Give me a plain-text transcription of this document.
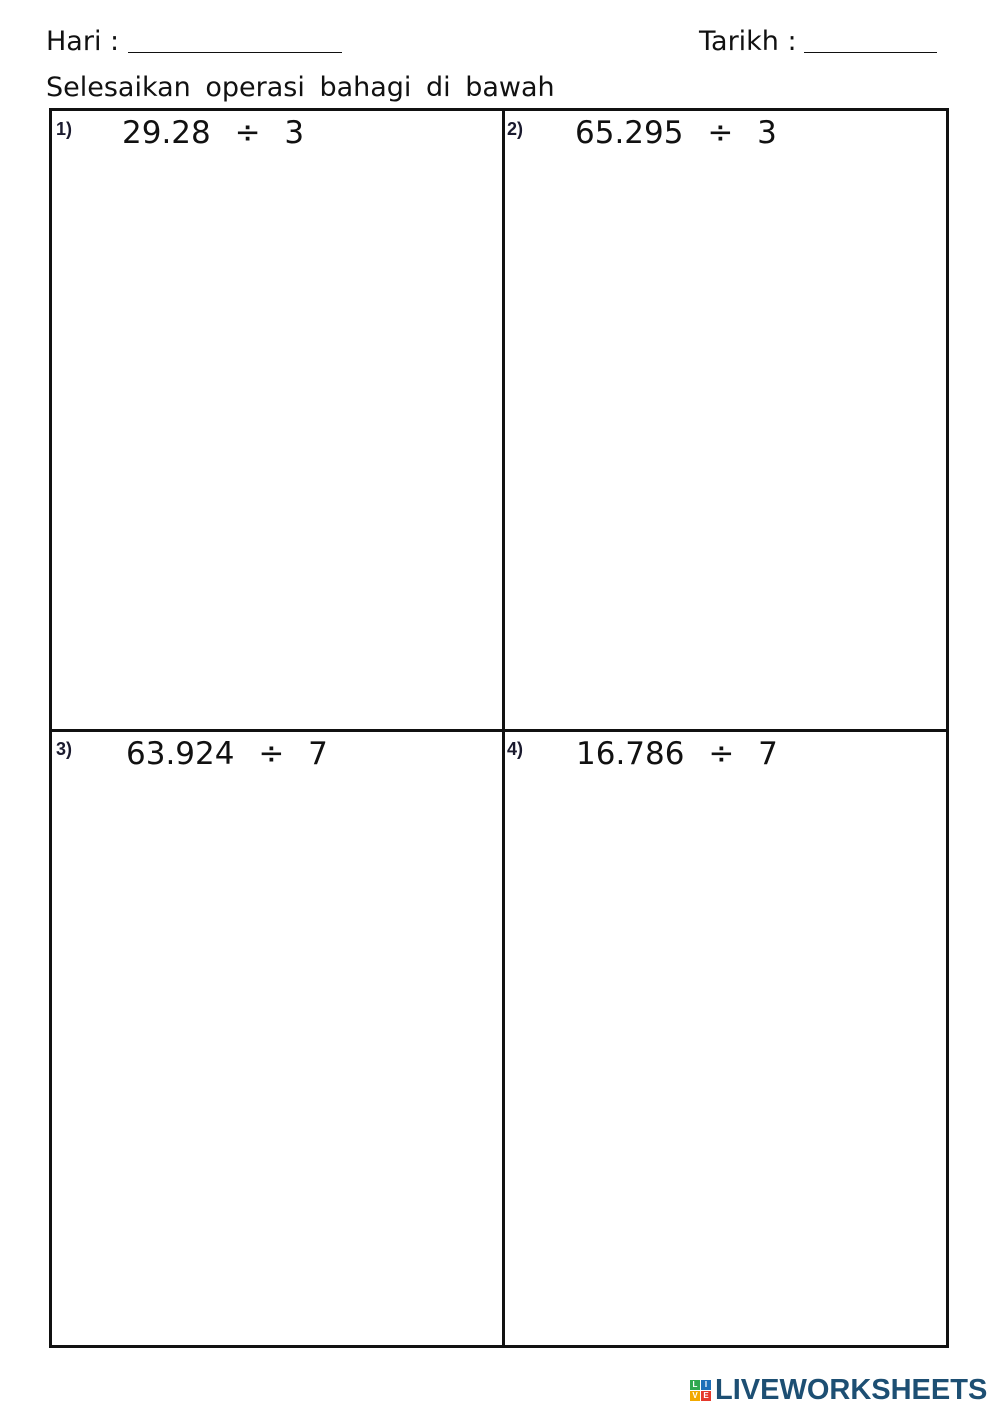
Hari :	Tarikh :
Selesaikan operasi bahagi di bawah
1) 29.28 ÷ 3	2) 65.295 ÷ 3
3) 63.924 ÷ 7	4) 16.786 ÷ 7
L I
V E LIVEWORKSHEETS
